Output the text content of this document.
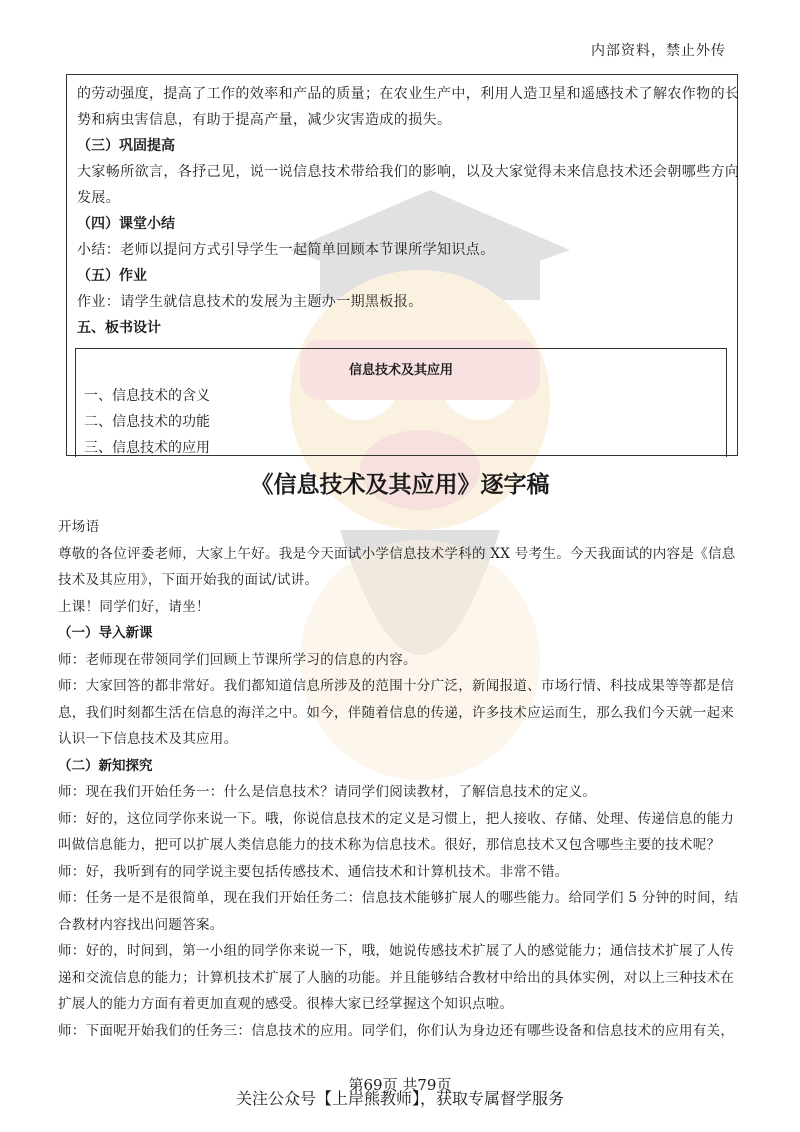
内部资料，禁止外传
的劳动强度，提高了工作的效率和产品的质量；在农业生产中，利用人造卫星和遥感技术了解农作物的长
势和病虫害信息，有助于提高产量，减少灾害造成的损失。
（三）巩固提高
大家畅所欲言，各抒己见，说一说信息技术带给我们的影响，以及大家觉得未来信息技术还会朝哪些方向
发展。
（四）课堂小结
小结：老师以提问方式引导学生一起简单回顾本节课所学知识点。
（五）作业
作业：请学生就信息技术的发展为主题办一期黑板报。
五、板书设计
信息技术及其应用
一、信息技术的含义
二、信息技术的功能
三、信息技术的应用
《信息技术及其应用》逐字稿
开场语
尊敬的各位评委老师，大家上午好。我是今天面试小学信息技术学科的 XX 号考生。今天我面试的内容是《信息
技术及其应用》，下面开始我的面试/试讲。
上课！同学们好，请坐！
（一）导入新课
师：老师现在带领同学们回顾上节课所学习的信息的内容。
师：大家回答的都非常好。我们都知道信息所涉及的范围十分广泛，新闻报道、市场行情、科技成果等等都是信
息，我们时刻都生活在信息的海洋之中。如今，伴随着信息的传递，许多技术应运而生，那么我们今天就一起来
认识一下信息技术及其应用。
（二）新知探究
师：现在我们开始任务一：什么是信息技术？请同学们阅读教材，了解信息技术的定义。
师：好的，这位同学你来说一下。哦，你说信息技术的定义是习惯上，把人接收、存储、处理、传递信息的能力
叫做信息能力，把可以扩展人类信息能力的技术称为信息技术。很好，那信息技术又包含哪些主要的技术呢？
师：好，我听到有的同学说主要包括传感技术、通信技术和计算机技术。非常不错。
师：任务一是不是很简单，现在我们开始任务二：信息技术能够扩展人的哪些能力。给同学们 5 分钟的时间，结
合教材内容找出问题答案。
师：好的，时间到，第一小组的同学你来说一下，哦，她说传感技术扩展了人的感觉能力；通信技术扩展了人传
递和交流信息的能力；计算机技术扩展了人脑的功能。并且能够结合教材中给出的具体实例，对以上三种技术在
扩展人的能力方面有着更加直观的感受。很棒大家已经掌握这个知识点啦。
师：下面呢开始我们的任务三：信息技术的应用。同学们，你们认为身边还有哪些设备和信息技术的应用有关，
第69页 共79页
关注公众号【上岸熊教师】，获取专属督学服务
